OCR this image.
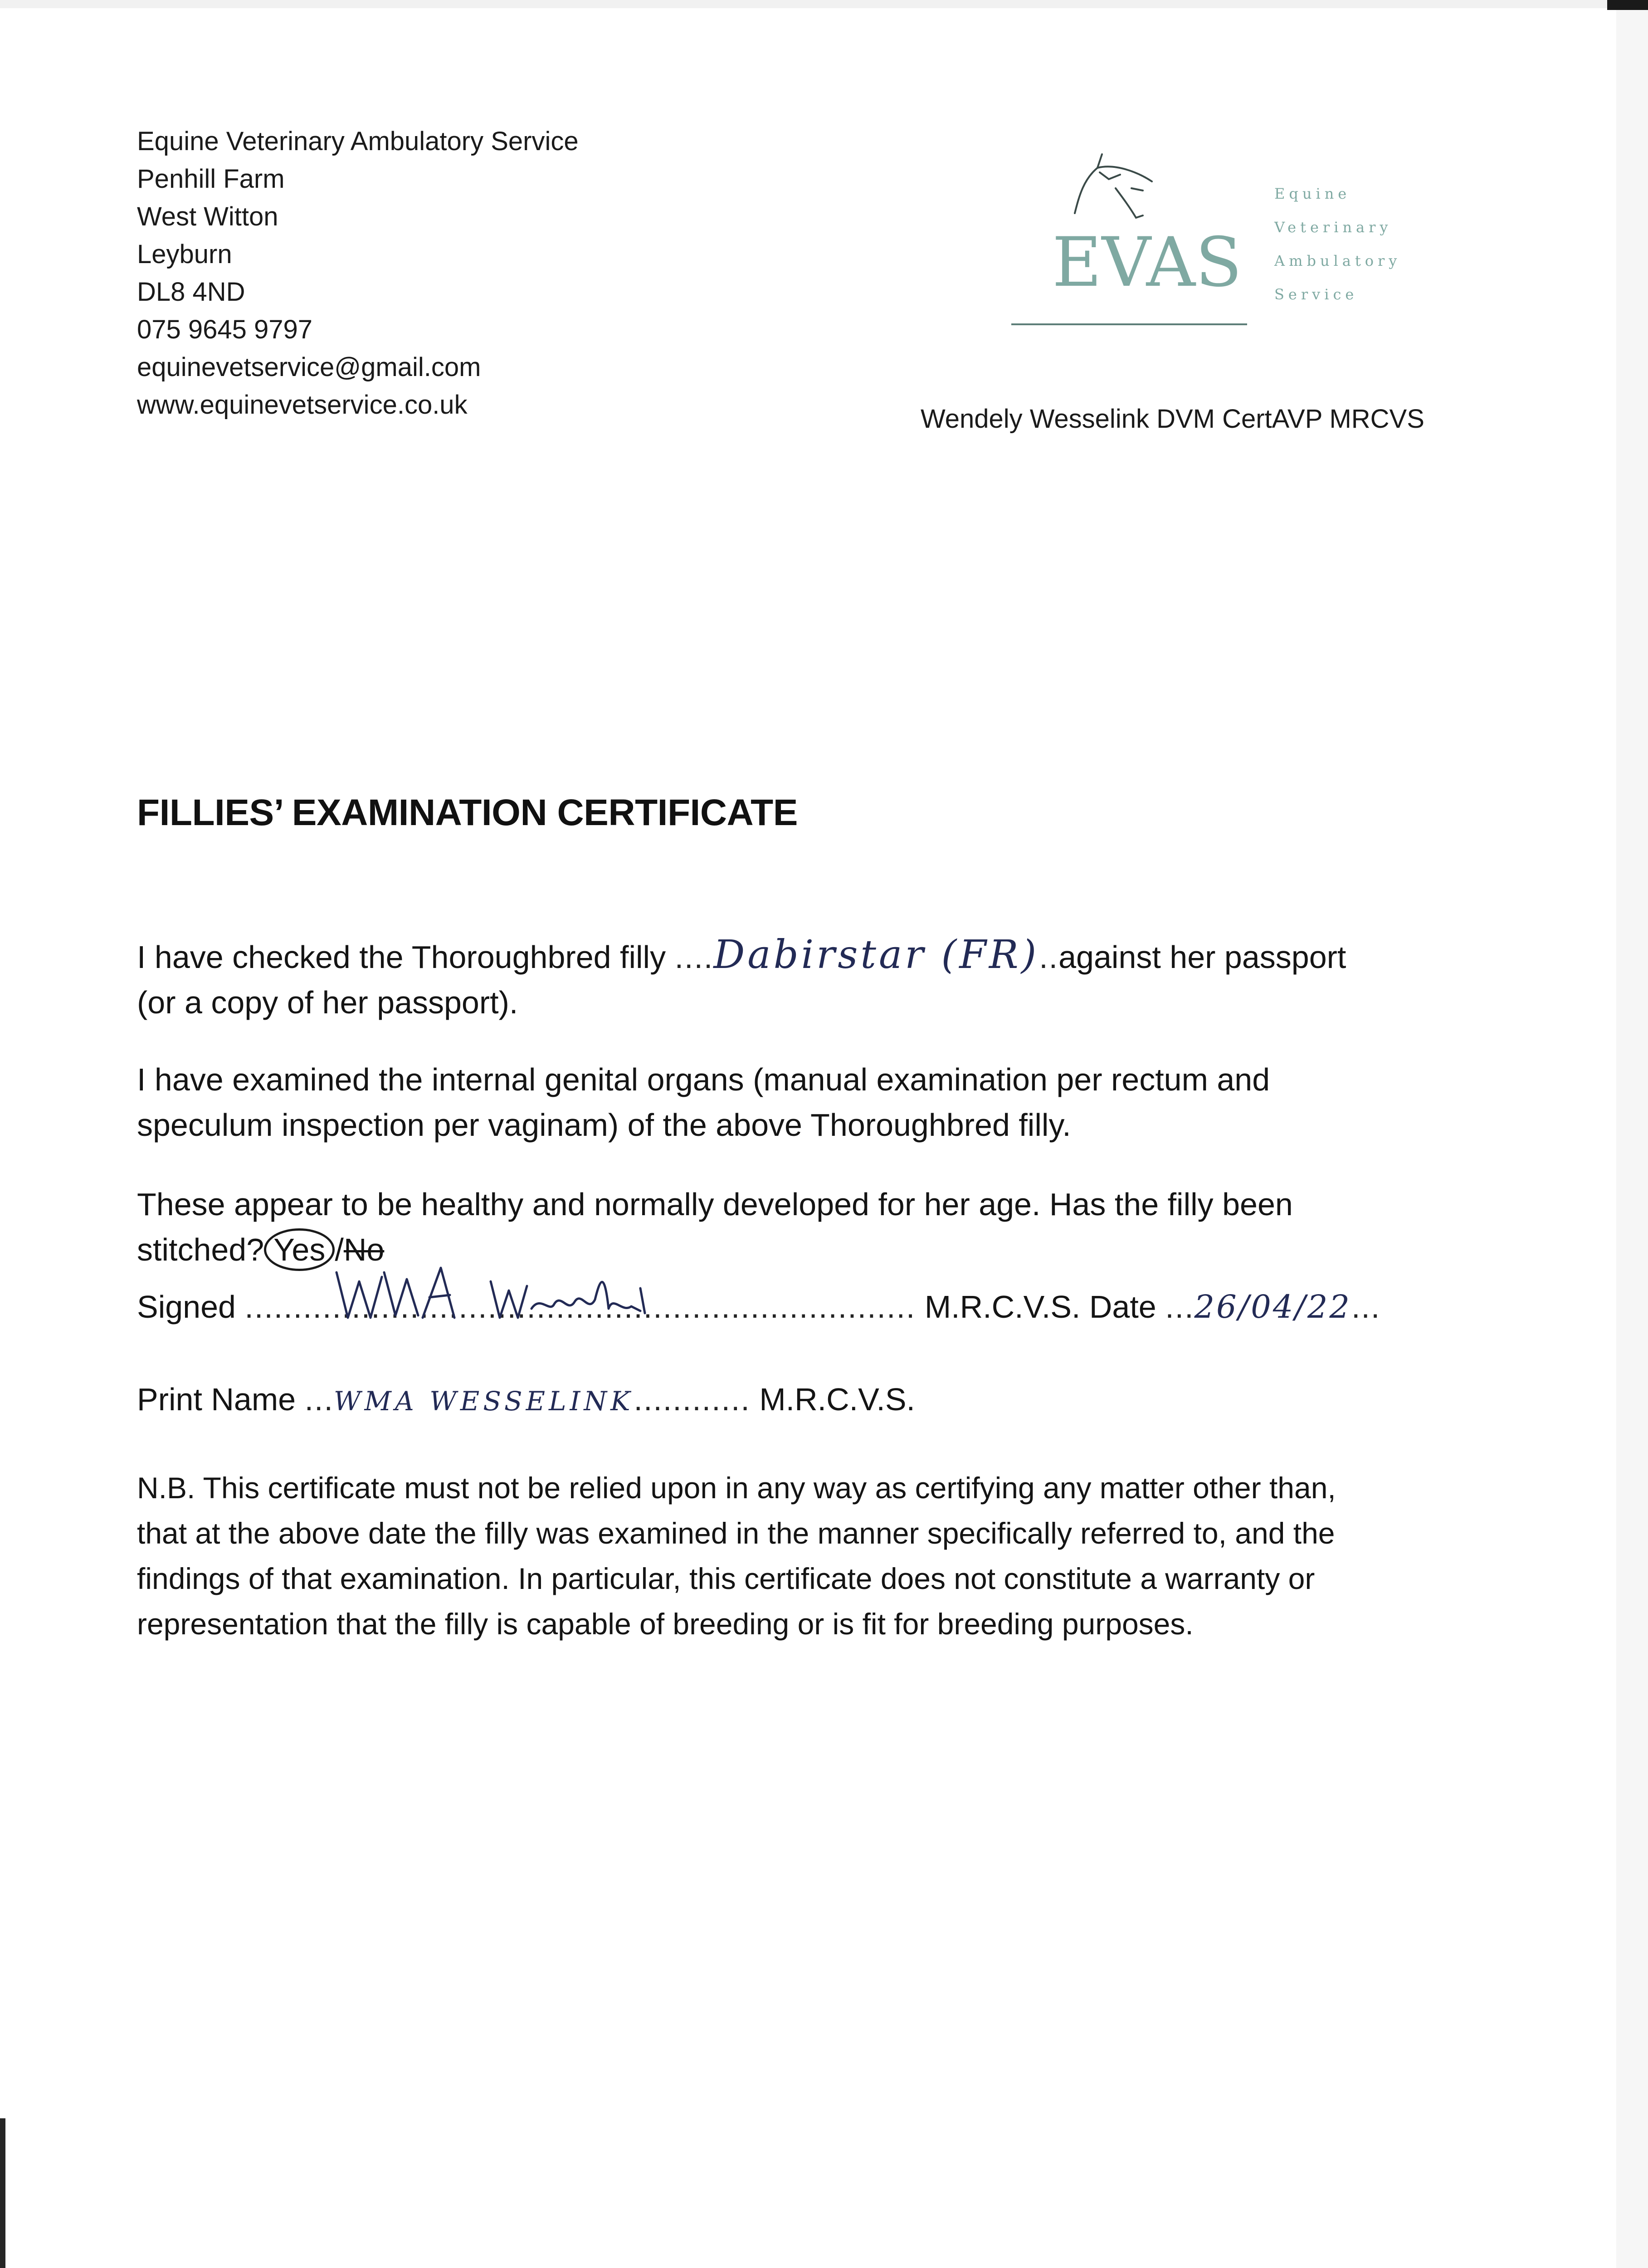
Equine Veterinary Ambulatory Service
Penhill Farm
West Witton
Leyburn
DL8 4ND
075 9645 9797
equinevetservice@gmail.com
www.equinevetservice.co.uk
EVAS
Equine
Veterinary
Ambulatory
Service
Wendely Wesselink DVM CertAVP MRCVS
FILLIES’ EXAMINATION CERTIFICATE
I have checked the Thoroughbred filly ....Dabirstar (FR)..against her passport
(or a copy of her passport).
I have examined the internal genital organs (manual examination per rectum and
speculum inspection per vaginam) of the above Thoroughbred filly.
These appear to be healthy and normally developed for her age. Has the filly been
stitched? Yes /No
Signed ..................................................................... M.R.C.V.S. Date ...26/04/22...
Print Name ...WMA WESSELINK............ M.R.C.V.S.
N.B. This certificate must not be relied upon in any way as certifying any matter other than,
that at the above date the filly was examined in the manner specifically referred to, and the
findings of that examination. In particular, this certificate does not constitute a warranty or
representation that the filly is capable of breeding or is fit for breeding purposes.
